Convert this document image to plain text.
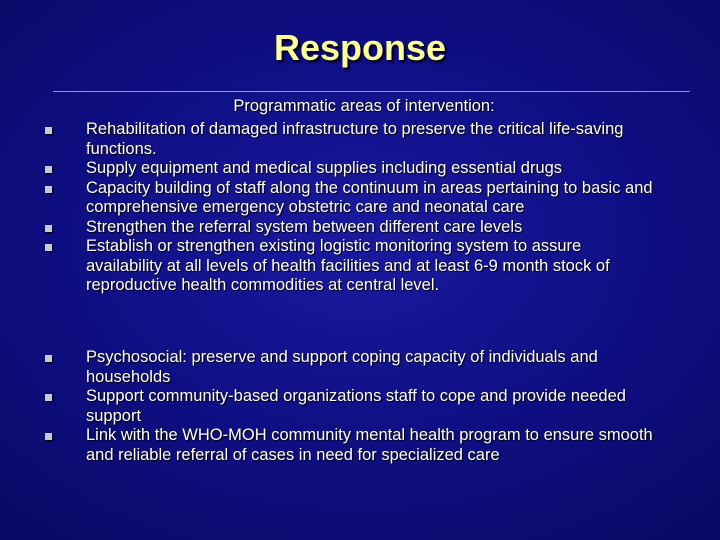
Response
Programmatic areas of intervention:
Rehabilitation of damaged infrastructure to preserve the critical life-saving functions.
Supply equipment and medical supplies including essential drugs
Capacity building of staff along the continuum in areas pertaining to basic and comprehensive emergency obstetric care and neonatal care
Strengthen the referral system between different care levels
Establish or strengthen existing logistic monitoring system to assure availability at all levels of health facilities and at least 6-9 month stock of reproductive health commodities at central level.
Psychosocial: preserve and support coping capacity of individuals and households
Support community-based organizations staff to cope and provide needed support
Link with the WHO-MOH community mental health program to ensure smooth and reliable referral of cases in need for specialized care
